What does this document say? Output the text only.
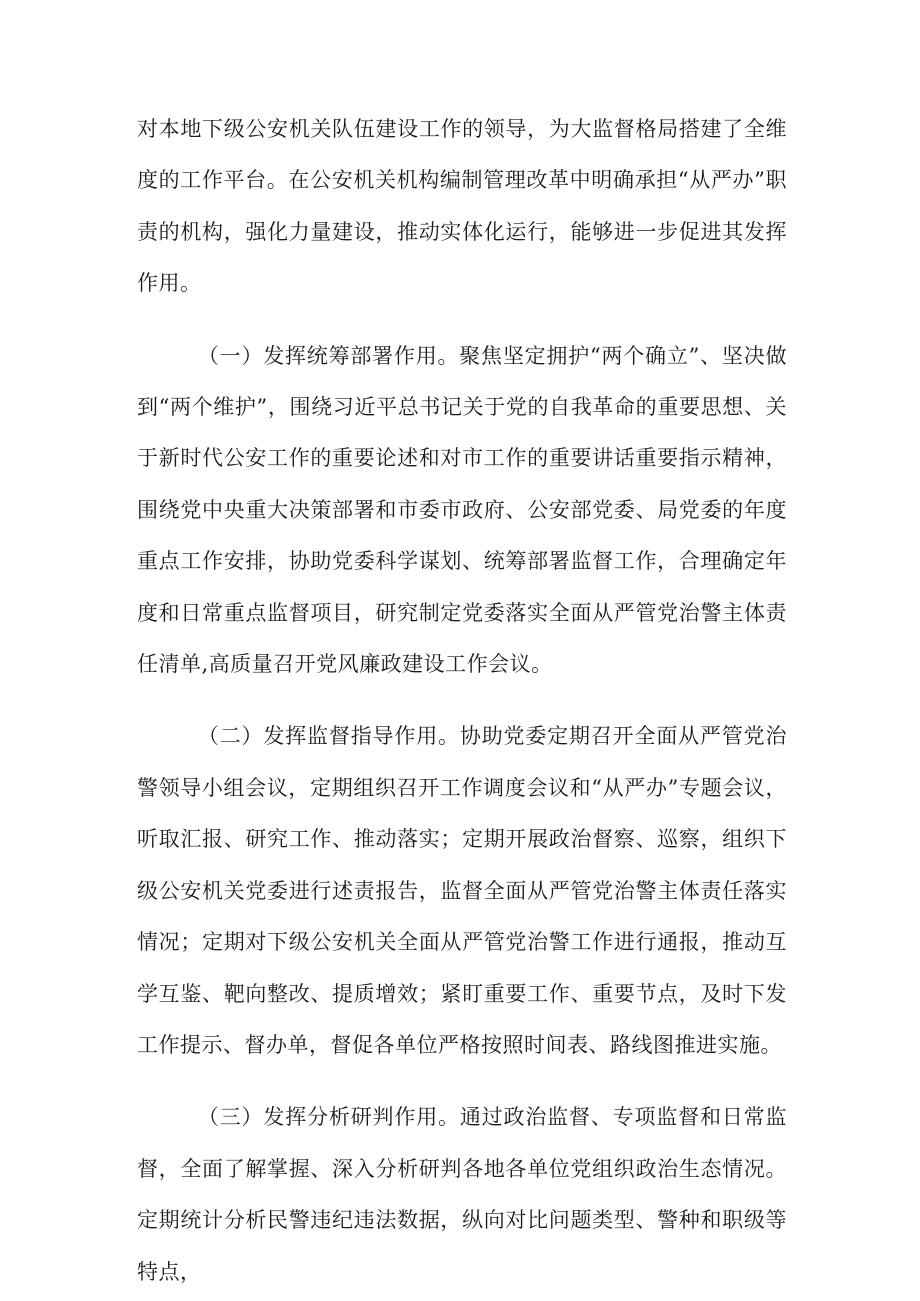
对本地下级公安机关队伍建设工作的领导，为大监督格局搭建了全维度的工作平台。在公安机关机构编制管理改革中明确承担“从严办”职责的机构，强化力量建设，推动实体化运行，能够进一步促进其发挥作用。

（一）发挥统筹部署作用。聚焦坚定拥护“两个确立”、坚决做到“两个维护”，围绕习近平总书记关于党的自我革命的重要思想、关于新时代公安工作的重要论述和对市工作的重要讲话重要指示精神，围绕党中央重大决策部署和市委市政府、公安部党委、局党委的年度重点工作安排，协助党委科学谋划、统筹部署监督工作，合理确定年度和日常重点监督项目，研究制定党委落实全面从严管党治警主体责任清单,高质量召开党风廉政建设工作会议。

（二）发挥监督指导作用。协助党委定期召开全面从严管党治警领导小组会议，定期组织召开工作调度会议和“从严办”专题会议，听取汇报、研究工作、推动落实；定期开展政治督察、巡察，组织下级公安机关党委进行述责报告，监督全面从严管党治警主体责任落实情况；定期对下级公安机关全面从严管党治警工作进行通报，推动互学互鉴、靶向整改、提质增效；紧盯重要工作、重要节点，及时下发工作提示、督办单，督促各单位严格按照时间表、路线图推进实施。

（三）发挥分析研判作用。通过政治监督、专项监督和日常监督，全面了解掌握、深入分析研判各地各单位党组织政治生态情况。定期统计分析民警违纪违法数据，纵向对比问题类型、警种和职级等特点，
